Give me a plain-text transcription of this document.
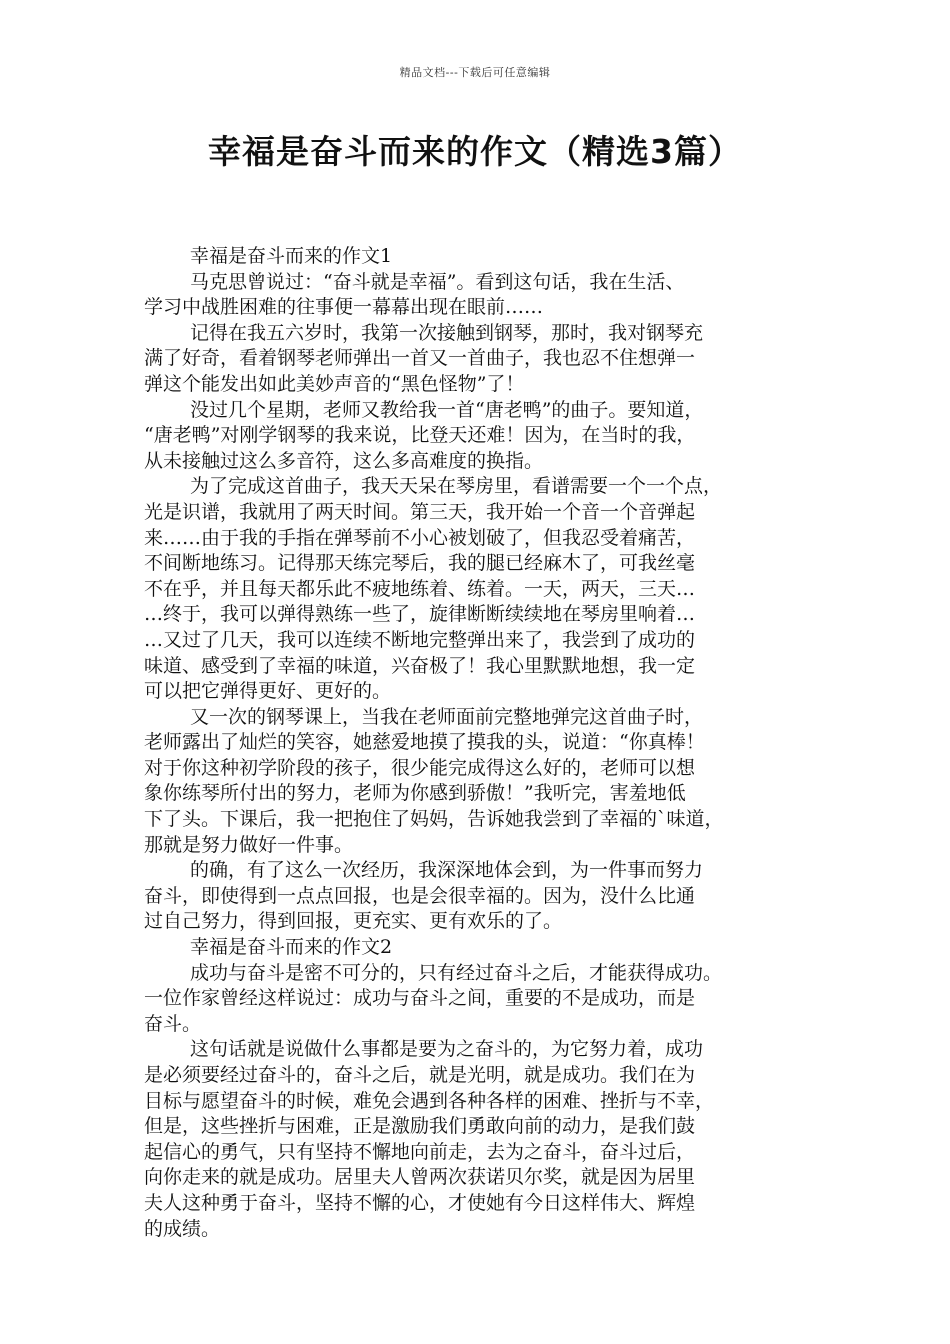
精品文档---下载后可任意编辑
幸福是奋斗而来的作文（精选3篇）
幸福是奋斗而来的作文1
马克思曾说过：“奋斗就是幸福”。看到这句话，我在生活、
学习中战胜困难的往事便一幕幕出现在眼前……
记得在我五六岁时，我第一次接触到钢琴，那时，我对钢琴充
满了好奇，看着钢琴老师弹出一首又一首曲子，我也忍不住想弹一
弹这个能发出如此美妙声音的“黑色怪物”了！
没过几个星期，老师又教给我一首“唐老鸭”的曲子。要知道，
“唐老鸭”对刚学钢琴的我来说，比登天还难！因为，在当时的我，
从未接触过这么多音符，这么多高难度的换指。
为了完成这首曲子，我天天呆在琴房里，看谱需要一个一个点，
光是识谱，我就用了两天时间。第三天，我开始一个音一个音弹起
来……由于我的手指在弹琴前不小心被划破了，但我忍受着痛苦，
不间断地练习。记得那天练完琴后，我的腿已经麻木了，可我丝毫
不在乎，并且每天都乐此不疲地练着、练着。一天，两天，三天…
…终于，我可以弹得熟练一些了，旋律断断续续地在琴房里响着…
…又过了几天，我可以连续不断地完整弹出来了，我尝到了成功的
味道、感受到了幸福的味道，兴奋极了！我心里默默地想，我一定
可以把它弹得更好、更好的。
又一次的钢琴课上，当我在老师面前完整地弹完这首曲子时，
老师露出了灿烂的笑容，她慈爱地摸了摸我的头，说道：“你真棒！
对于你这种初学阶段的孩子，很少能完成得这么好的，老师可以想
象你练琴所付出的努力，老师为你感到骄傲！”我听完，害羞地低
下了头。下课后，我一把抱住了妈妈，告诉她我尝到了幸福的`味道，
那就是努力做好一件事。
的确，有了这么一次经历，我深深地体会到，为一件事而努力
奋斗，即使得到一点点回报，也是会很幸福的。因为，没什么比通
过自己努力，得到回报，更充实、更有欢乐的了。
幸福是奋斗而来的作文2
成功与奋斗是密不可分的，只有经过奋斗之后，才能获得成功。
一位作家曾经这样说过：成功与奋斗之间，重要的不是成功，而是
奋斗。
这句话就是说做什么事都是要为之奋斗的，为它努力着，成功
是必须要经过奋斗的，奋斗之后，就是光明，就是成功。我们在为
目标与愿望奋斗的时候，难免会遇到各种各样的困难、挫折与不幸，
但是，这些挫折与困难，正是激励我们勇敢向前的动力，是我们鼓
起信心的勇气，只有坚持不懈地向前走，去为之奋斗，奋斗过后，
向你走来的就是成功。居里夫人曾两次获诺贝尔奖，就是因为居里
夫人这种勇于奋斗，坚持不懈的心，才使她有今日这样伟大、辉煌
的成绩。
